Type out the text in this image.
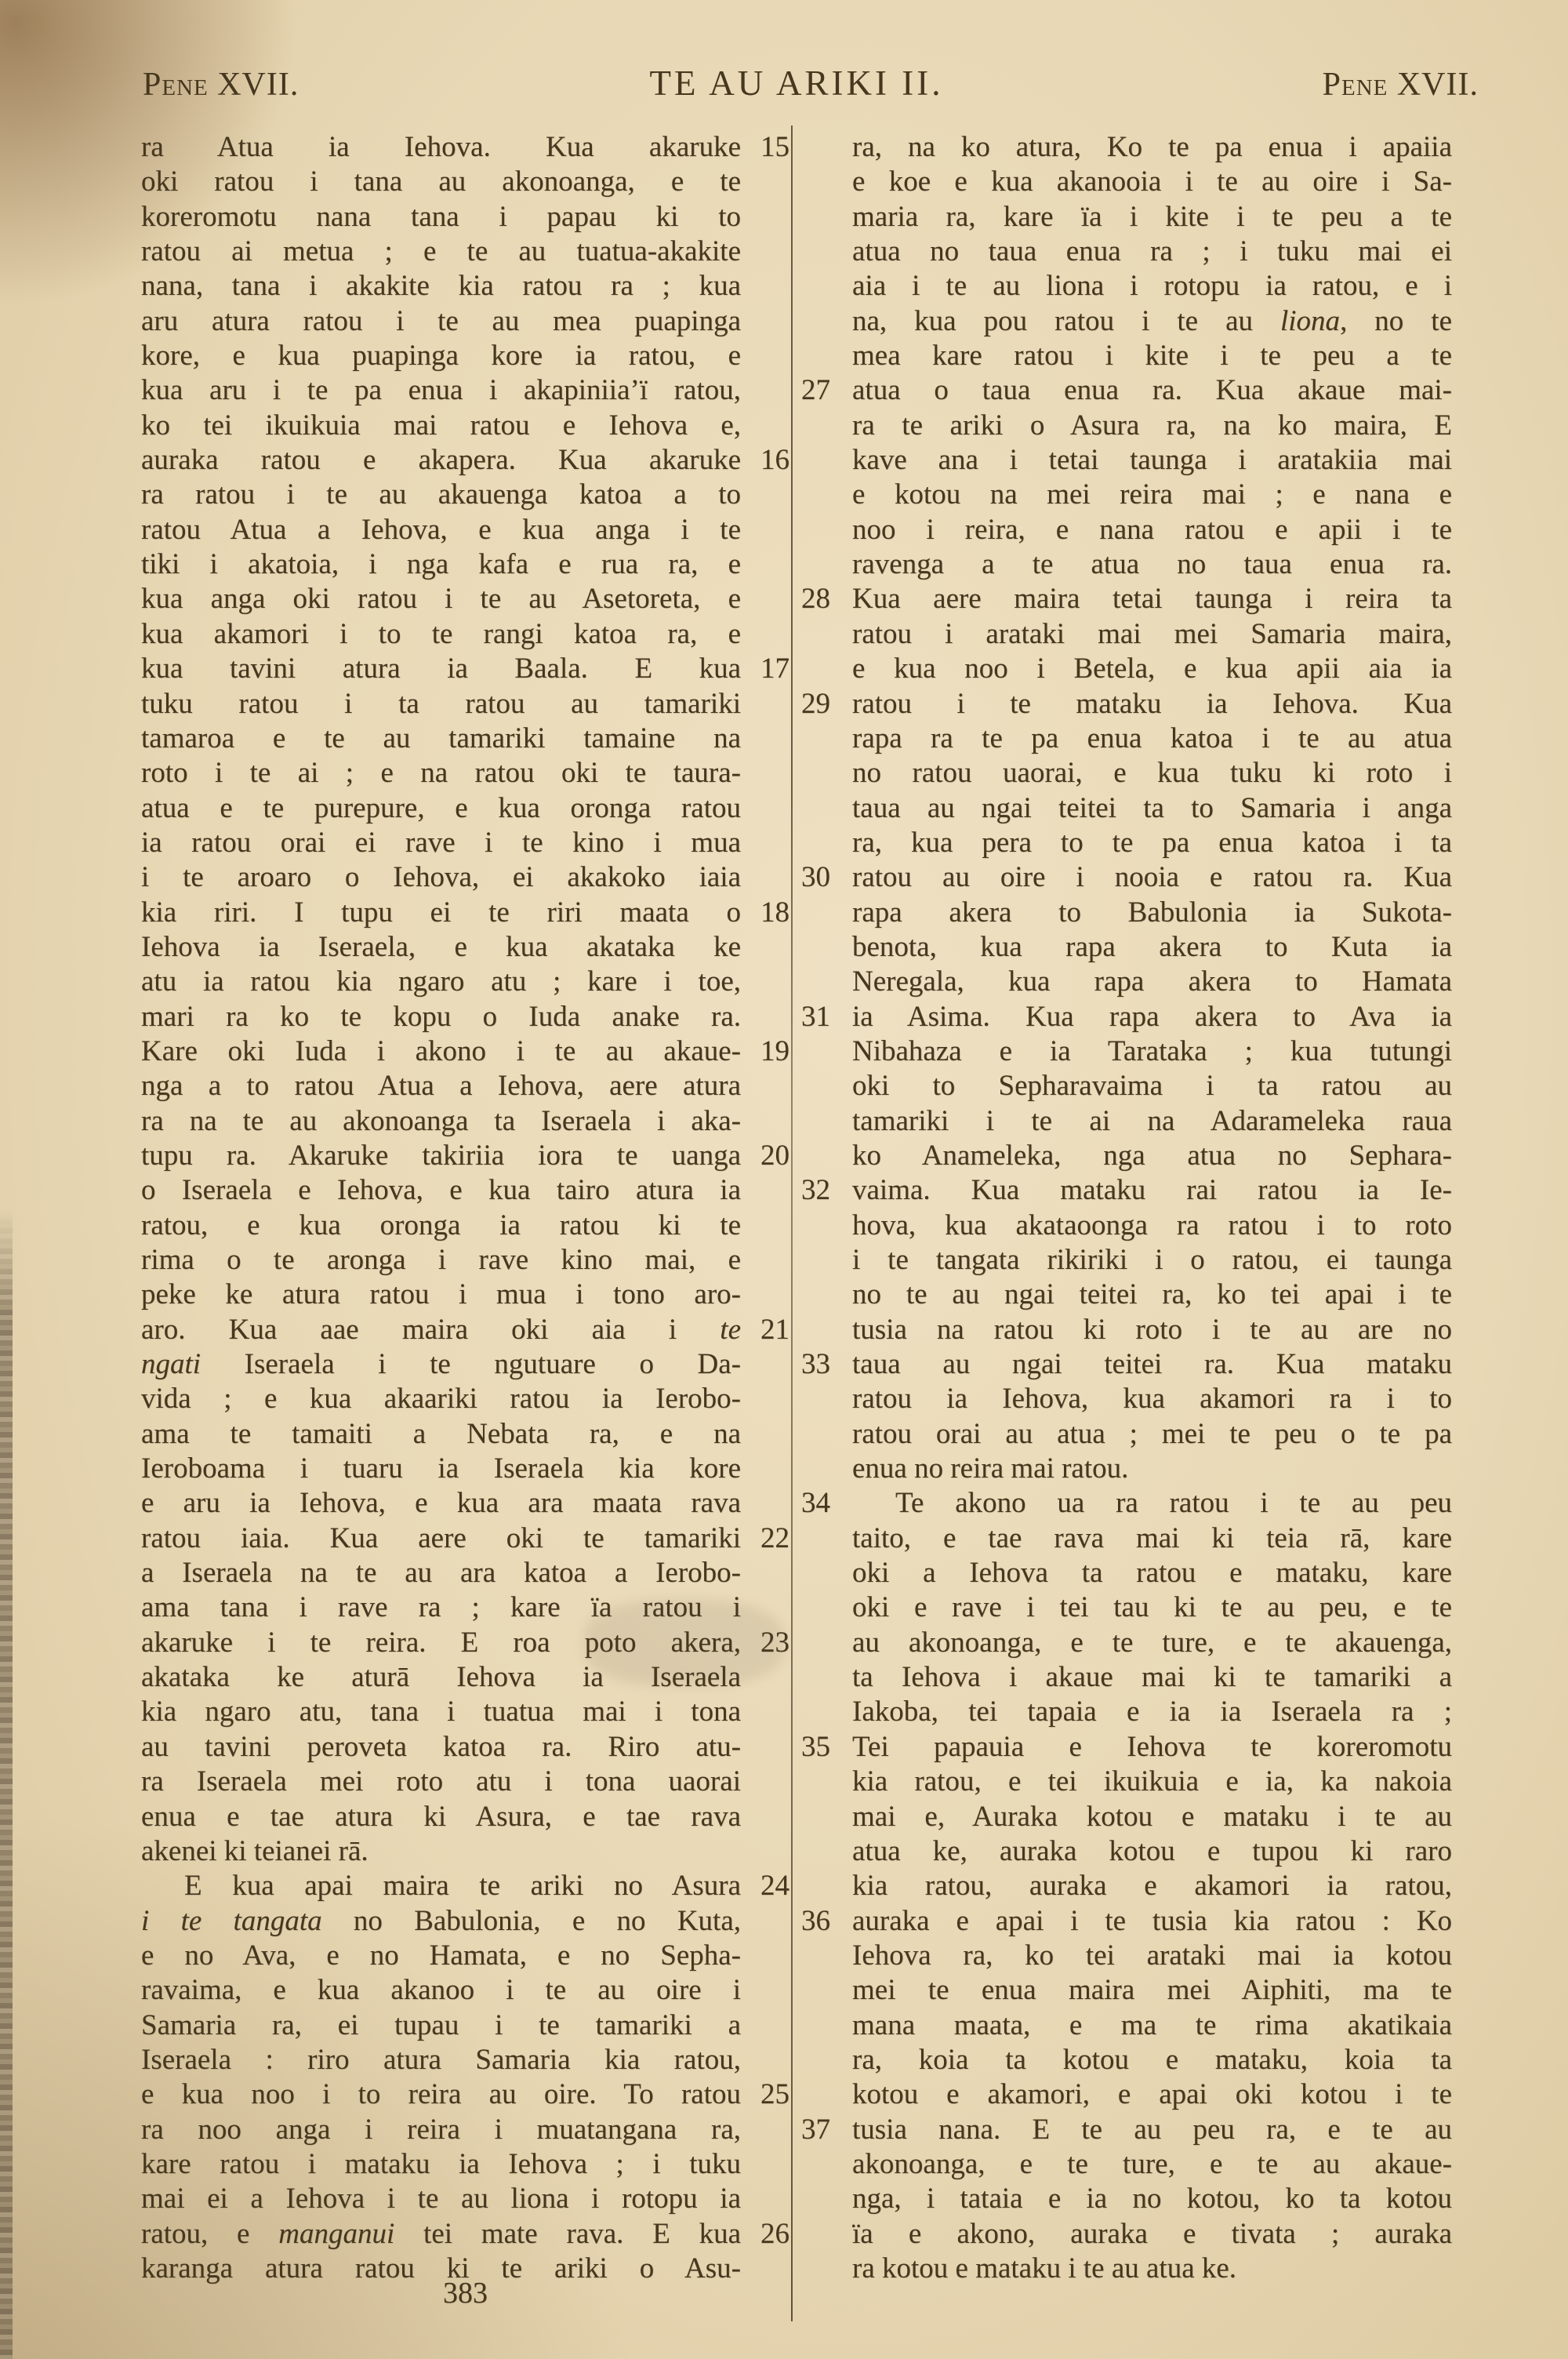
Pene XVII.	TE AU ARIKI II.	Pene XVII.
ra Atua ia Iehova. Kua akaruke 15
oki ratou i tana au akonoanga, e te
koreromotu nana tana i papau ki to
ratou ai metua ; e te au tuatua-akakite
nana, tana i akakite kia ratou ra ; kua
aru atura ratou i te au mea puapinga
kore, e kua puapinga kore ia ratou, e
kua aru i te pa enua i akapiniiaʼï ratou,
ko tei ikuikuia mai ratou e Iehova e,
auraka ratou e akapera. Kua akaruke 16
ra ratou i te au akauenga katoa a to
ratou Atua a Iehova, e kua anga i te
tiki i akatoia, i nga kafa e rua ra, e
kua anga oki ratou i te au Asetoreta, e
kua akamori i to te rangi katoa ra, e
kua tavini atura ia Baala. E kua 17
tuku ratou i ta ratou au tamariki
tamaroa e te au tamariki tamaine na
roto i te ai ; e na ratou oki te taura-
atua e te purepure, e kua oronga ratou
ia ratou orai ei rave i te kino i mua
i te aroaro o Iehova, ei akakoko iaia
kia riri. I tupu ei te riri maata o 18
Iehova ia Iseraela, e kua akataka ke
atu ia ratou kia ngaro atu ; kare i toe,
mari ra ko te kopu o Iuda anake ra.
Kare oki Iuda i akono i te au akaue- 19
nga a to ratou Atua a Iehova, aere atura
ra na te au akonoanga ta Iseraela i aka-
tupu ra. Akaruke takiriia iora te uanga 20
o Iseraela e Iehova, e kua tairo atura ia
ratou, e kua oronga ia ratou ki te
rima o te aronga i rave kino mai, e
peke ke atura ratou i mua i tono aro-
aro. Kua aae maira oki aia i te 21
ngati Iseraela i te ngutuare o Da-
vida ; e kua akaariki ratou ia Ierobo-
ama te tamaiti a Nebata ra, e na
Ieroboama i tuaru ia Iseraela kia kore
e aru ia Iehova, e kua ara maata rava
ratou iaia. Kua aere oki te tamariki 22
a Iseraela na te au ara katoa a Ierobo-
ama tana i rave ra ; kare ïa ratou i
akaruke i te reira. E roa poto akera, 23
akataka ke aturā Iehova ia Iseraela
kia ngaro atu, tana i tuatua mai i tona
au tavini peroveta katoa ra. Riro atu-
ra Iseraela mei roto atu i tona uaorai
enua e tae atura ki Asura, e tae rava
akenei ki teianei rā.
E kua apai maira te ariki no Asura 24
i te tangata no Babulonia, e no Kuta,
e no Ava, e no Hamata, e no Sepha-
ravaima, e kua akanoo i te au oire i
Samaria ra, ei tupau i te tamariki a
Iseraela : riro atura Samaria kia ratou,
e kua noo i to reira au oire. To ratou 25
ra noo anga i reira i muatangana ra,
kare ratou i mataku ia Iehova ; i tuku
mai ei a Iehova i te au liona i rotopu ia
ratou, e manganui tei mate rava. E kua 26
karanga atura ratou ki te ariki o Asu-
ra, na ko atura, Ko te pa enua i apaiia
e koe e kua akanooia i te au oire i Sa-
maria ra, kare ïa i kite i te peu a te
atua no taua enua ra ; i tuku mai ei
aia i te au liona i rotopu ia ratou, e i
na, kua pou ratou i te au liona, no te
mea kare ratou i kite i te peu a te
27 atua o taua enua ra. Kua akaue mai-
ra te ariki o Asura ra, na ko maira, E
kave ana i tetai taunga i aratakiia mai
e kotou na mei reira mai ; e nana e
noo i reira, e nana ratou e apii i te
ravenga a te atua no taua enua ra.
28 Kua aere maira tetai taunga i reira ta
ratou i arataki mai mei Samaria maira,
e kua noo i Betela, e kua apii aia ia
29 ratou i te mataku ia Iehova. Kua
rapa ra te pa enua katoa i te au atua
no ratou uaorai, e kua tuku ki roto i
taua au ngai teitei ta to Samaria i anga
ra, kua pera to te pa enua katoa i ta
30 ratou au oire i nooia e ratou ra. Kua
rapa akera to Babulonia ia Sukota-
benota, kua rapa akera to Kuta ia
Neregala, kua rapa akera to Hamata
31 ia Asima. Kua rapa akera to Ava ia
Nibahaza e ia Tarataka ; kua tutungi
oki to Sepharavaima i ta ratou au
tamariki i te ai na Adarameleka raua
ko Anameleka, nga atua no Sephara-
32 vaima. Kua mataku rai ratou ia Ie-
hova, kua akataoonga ra ratou i to roto
i te tangata rikiriki i o ratou, ei taunga
no te au ngai teitei ra, ko tei apai i te
tusia na ratou ki roto i te au are no
33 taua au ngai teitei ra. Kua mataku
ratou ia Iehova, kua akamori ra i to
ratou orai au atua ; mei te peu o te pa
enua no reira mai ratou.
34	Te akono ua ra ratou i te au peu
taito, e tae rava mai ki teia rā, kare
oki a Iehova ta ratou e mataku, kare
oki e rave i tei tau ki te au peu, e te
au akonoanga, e te ture, e te akauenga,
ta Iehova i akaue mai ki te tamariki a
Iakoba, tei tapaia e ia ia Iseraela ra ;
35 Tei papauia e Iehova te koreromotu
kia ratou, e tei ikuikuia e ia, ka nakoia
mai e, Auraka kotou e mataku i te au
atua ke, auraka kotou e tupou ki raro
kia ratou, auraka e akamori ia ratou,
36 auraka e apai i te tusia kia ratou : Ko
Iehova ra, ko tei arataki mai ia kotou
mei te enua maira mei Aiphiti, ma te
mana maata, e ma te rima akatikaia
ra, koia ta kotou e mataku, koia ta
kotou e akamori, e apai oki kotou i te
37 tusia nana. E te au peu ra, e te au
akonoanga, e te ture, e te au akaue-
nga, i tataia e ia no kotou, ko ta kotou
ïa e akono, auraka e tivata ; auraka
ra kotou e mataku i te au atua ke.
383
